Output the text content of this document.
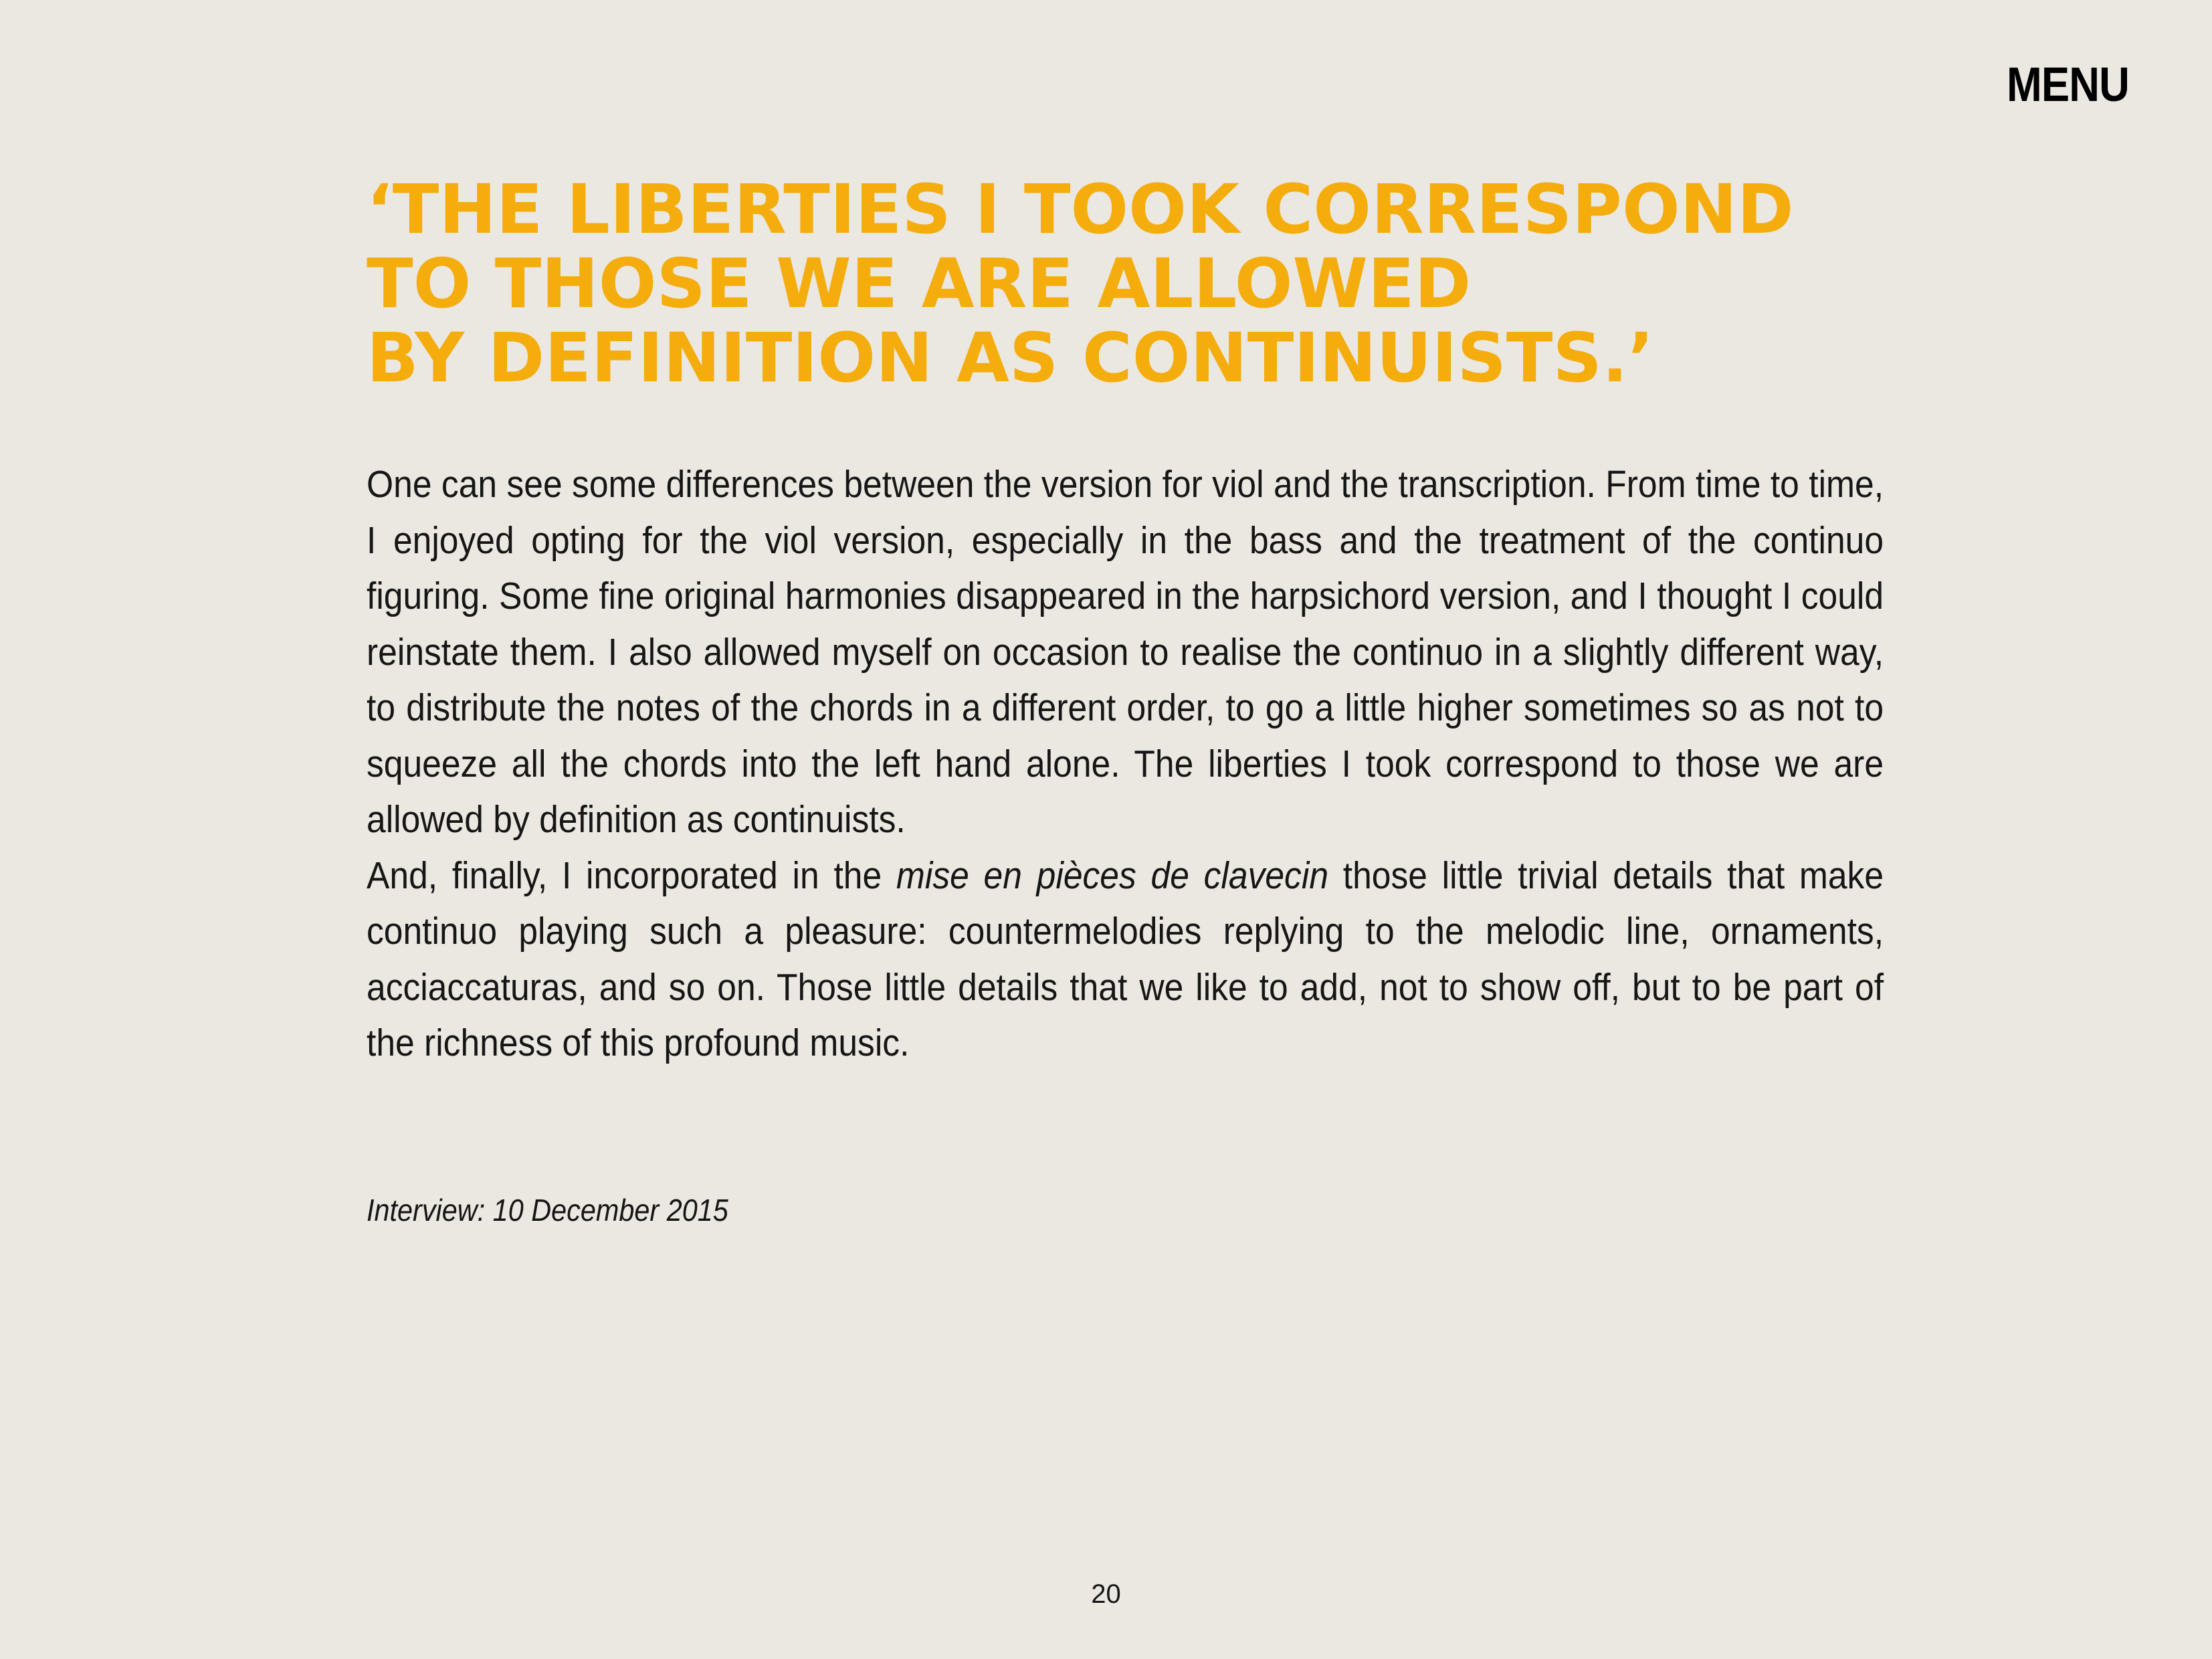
MENU
‘THE LIBERTIES I TOOK CORRESPOND
TO THOSE WE ARE ALLOWED
BY DEFINITION AS CONTINUISTS.’

One can see some differences between the version for viol and the transcription. From time to time, I enjoyed opting for the viol version, especially in the bass and the treatment of the continuo figuring. Some fine original harmonies disappeared in the harpsichord version, and I thought I could reinstate them. I also allowed myself on occasion to realise the continuo in a slightly different way, to distribute the notes of the chords in a different order, to go a little higher sometimes so as not to squeeze all the chords into the left hand alone. The liberties I took correspond to those we are allowed by definition as continuists.

And, finally, I incorporated in the mise en pièces de clavecin those little trivial details that make continuo playing such a pleasure: countermelodies replying to the melodic line, ornaments, acciaccaturas, and so on. Those little details that we like to add, not to show off, but to be part of the richness of this profound music.

Interview: 10 December 2015
20
